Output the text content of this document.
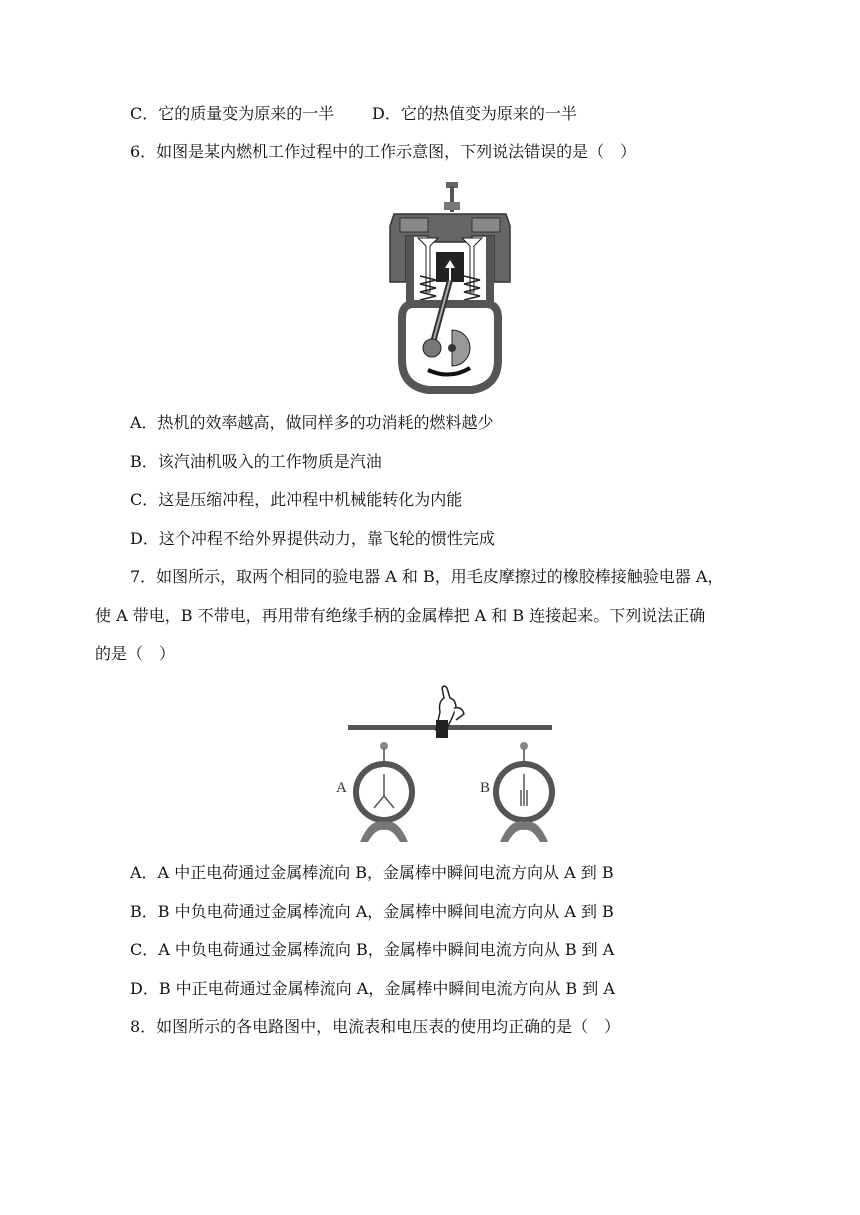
C．它的质量变为原来的一半 D．它的热值变为原来的一半
6．如图是某内燃机工作过程中的工作示意图，下列说法错误的是（　）
A．热机的效率越高，做同样多的功消耗的燃料越少
B．该汽油机吸入的工作物质是汽油
C．这是压缩冲程，此冲程中机械能转化为内能
D．这个冲程不给外界提供动力，靠飞轮的惯性完成
7．如图所示，取两个相同的验电器 A 和 B，用毛皮摩擦过的橡胶棒接触验电器 A，
使 A 带电，B 不带电，再用带有绝缘手柄的金属棒把 A 和 B 连接起来。下列说法正确
的是（　）
A	B
A．A 中正电荷通过金属棒流向 B，金属棒中瞬间电流方向从 A 到 B
B．B 中负电荷通过金属棒流向 A，金属棒中瞬间电流方向从 A 到 B
C．A 中负电荷通过金属棒流向 B，金属棒中瞬间电流方向从 B 到 A
D．B 中正电荷通过金属棒流向 A，金属棒中瞬间电流方向从 B 到 A
8．如图所示的各电路图中，电流表和电压表的使用均正确的是（　）
